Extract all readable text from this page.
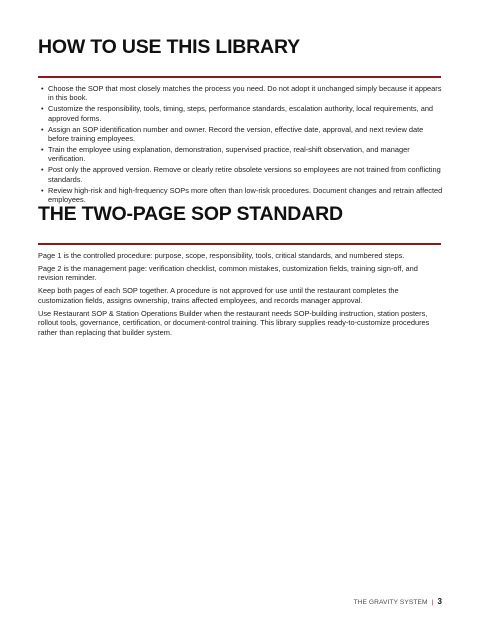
HOW TO USE THIS LIBRARY
• Choose the SOP that most closely matches the process you need. Do not adopt it unchanged simply because it appears in this book.
• Customize the responsibility, tools, timing, steps, performance standards, escalation authority, local requirements, and approved forms.
• Assign an SOP identification number and owner. Record the version, effective date, approval, and next review date before training employees.
• Train the employee using explanation, demonstration, supervised practice, real-shift observation, and manager verification.
• Post only the approved version. Remove or clearly retire obsolete versions so employees are not trained from conflicting standards.
• Review high-risk and high-frequency SOPs more often than low-risk procedures. Document changes and retrain affected employees.
THE TWO-PAGE SOP STANDARD

Page 1 is the controlled procedure: purpose, scope, responsibility, tools, critical standards, and numbered steps.

Page 2 is the management page: verification checklist, common mistakes, customization fields, training sign-off, and revision reminder.

Keep both pages of each SOP together. A procedure is not approved for use until the restaurant completes the customization fields, assigns ownership, trains affected employees, and records manager approval.

Use Restaurant SOP & Station Operations Builder when the restaurant needs SOP-building instruction, station posters, rollout tools, governance, certification, or document-control training. This library supplies ready-to-customize procedures rather than replacing that builder system.

THE GRAVITY SYSTEM | 3
